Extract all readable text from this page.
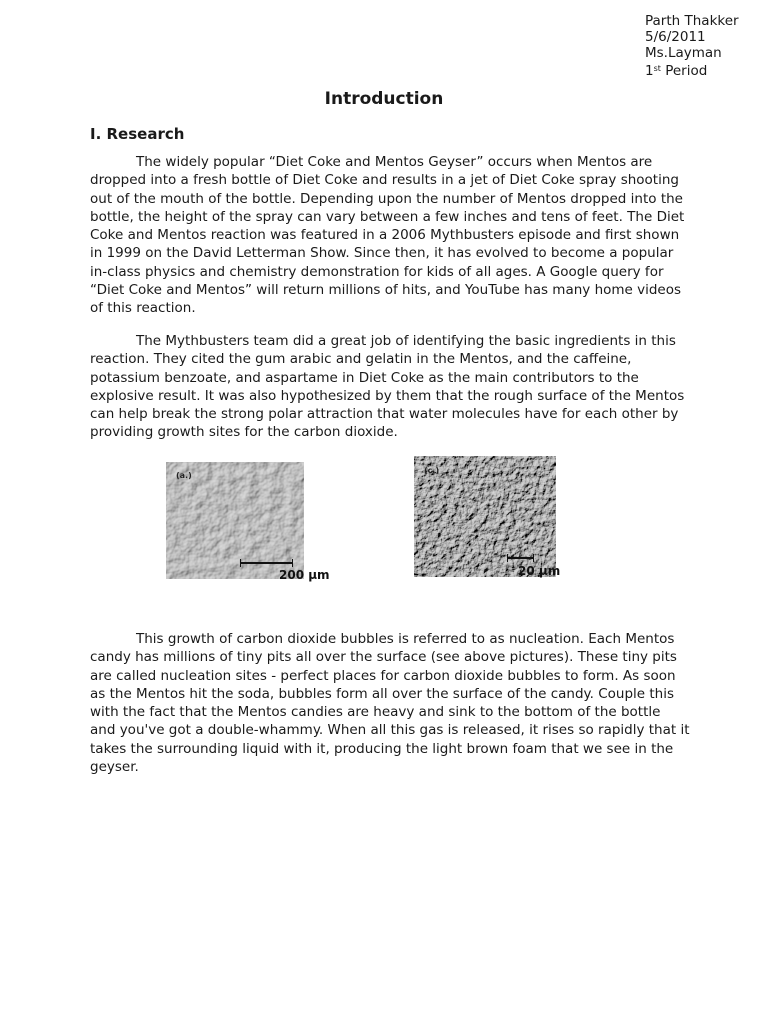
Parth Thakker
5/6/2011
Ms.Layman
1st Period
Introduction
I. Research

The widely popular “Diet Coke and Mentos Geyser” occurs when Mentos are dropped into a fresh bottle of Diet Coke and results in a jet of Diet Coke spray shooting out of the mouth of the bottle. Depending upon the number of Mentos dropped into the bottle, the height of the spray can vary between a few inches and tens of feet. The Diet Coke and Mentos reaction was featured in a 2006 Mythbusters episode and first shown in 1999 on the David Letterman Show. Since then, it has evolved to become a popular in-class physics and chemistry demonstration for kids of all ages. A Google query for “Diet Coke and Mentos” will return millions of hits, and YouTube has many home videos of this reaction.

The Mythbusters team did a great job of identifying the basic ingredients in this reaction. They cited the gum arabic and gelatin in the Mentos, and the caffeine, potassium benzoate, and aspartame in Diet Coke as the main contributors to the explosive result. It was also hypothesized by them that the rough surface of the Mentos can help break the strong polar attraction that water molecules have for each other by providing growth sites for the carbon dioxide.

(a.)
200 μm
(c.)
20 μm

This growth of carbon dioxide bubbles is referred to as nucleation. Each Mentos candy has millions of tiny pits all over the surface (see above pictures). These tiny pits are called nucleation sites - perfect places for carbon dioxide bubbles to form. As soon as the Mentos hit the soda, bubbles form all over the surface of the candy. Couple this with the fact that the Mentos candies are heavy and sink to the bottom of the bottle and you've got a double-whammy. When all this gas is released, it rises so rapidly that it takes the surrounding liquid with it, producing the light brown foam that we see in the geyser.
